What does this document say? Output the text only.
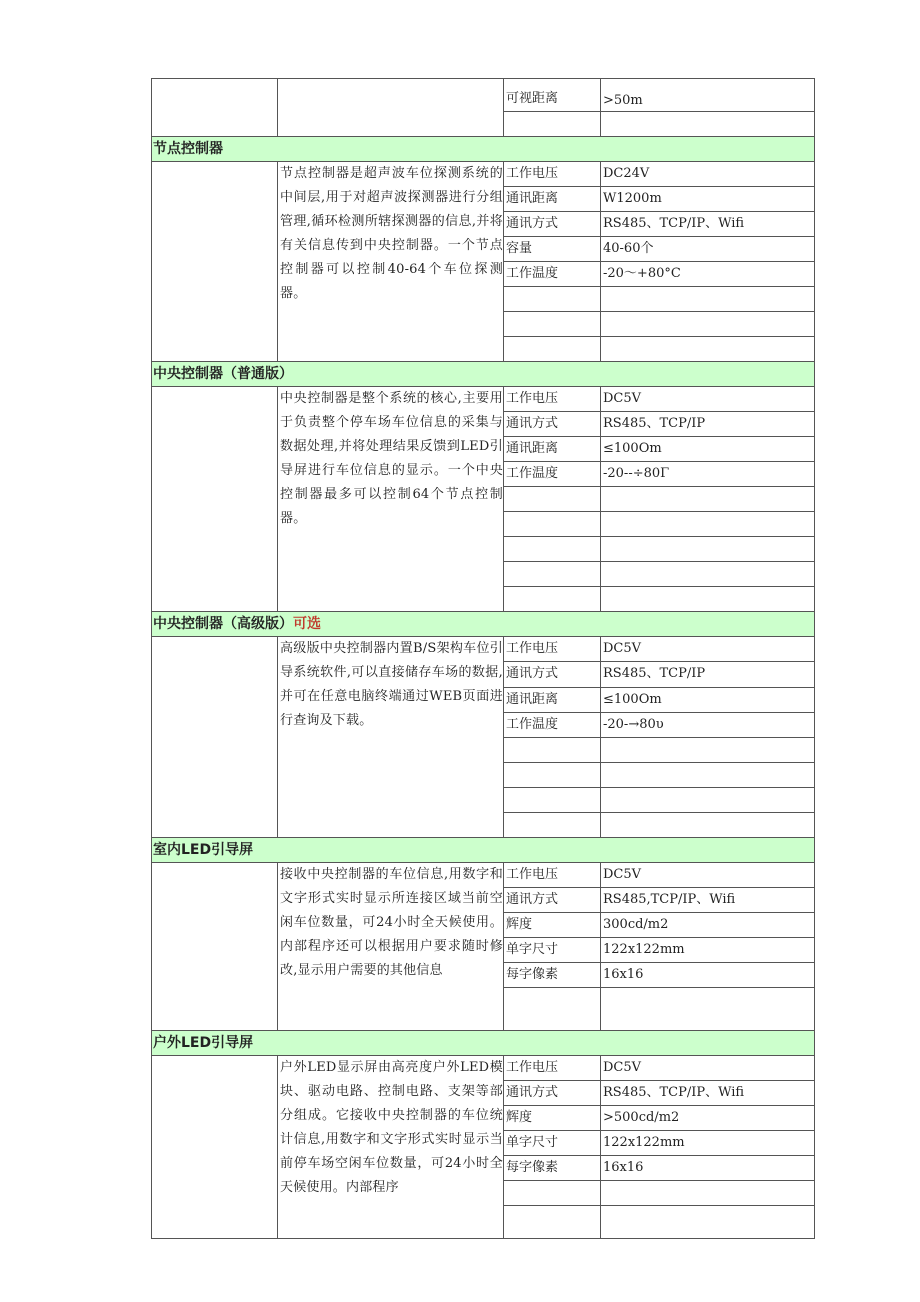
		可视距离	>50m

节点控制器			
	节点控制器是超声波车位探测系统的中间层,用于对超声波探测器进行分组管理,循环检测所辖探测器的信息,并将有关信息传到中央控制器。一个节点控制器可以控制40-64个车位探测器。	工作电压	DC24V
		通讯距离	W1200m
		通讯方式	RS485、TCP/IP、Wifi
		容量	40-60个
		工作温度	-20～+80°C

中央控制器（普通版）			
	中央控制器是整个系统的核心,主要用于负责整个停车场车位信息的采集与数据处理,并将处理结果反馈到LED引导屏进行车位信息的显示。一个中央控制器最多可以控制64个节点控制器。	工作电压	DC5V
		通讯方式	RS485、TCP/IP
		通讯距离	≤100Om
		工作温度	-20--÷80Γ

中央控制器（高级版）可选			
	高级版中央控制器内置B/S架构车位引导系统软件,可以直接储存车场的数据,并可在任意电脑终端通过WEB页面进行查询及下载。	工作电压	DC5V
		通讯方式	RS485、TCP/IP
		通讯距离	≤100Om
		工作温度	-20-→80υ

室内LED引导屏			
	接收中央控制器的车位信息,用数字和文字形式实时显示所连接区域当前空闲车位数量，可24小时全天候使用。内部程序还可以根据用户要求随时修改,显示用户需要的其他信息	工作电压	DC5V
		通讯方式	RS485,TCP/IP、Wifi
		辉度	300cd∕m2
		单字尺寸	122x122mm
		每字像素	16x16

户外LED引导屏			
	户外LED显示屏由高亮度户外LED模块、驱动电路、控制电路、支架等部分组成。它接收中央控制器的车位统计信息,用数字和文字形式实时显示当前停车场空闲车位数量，可24小时全天候使用。内部程序	工作电压	DC5V
		通讯方式	RS485、TCP/IP、Wifi
		辉度	>500cd∕m2
		单字尺寸	122x122mm
		每字像素	16x16
